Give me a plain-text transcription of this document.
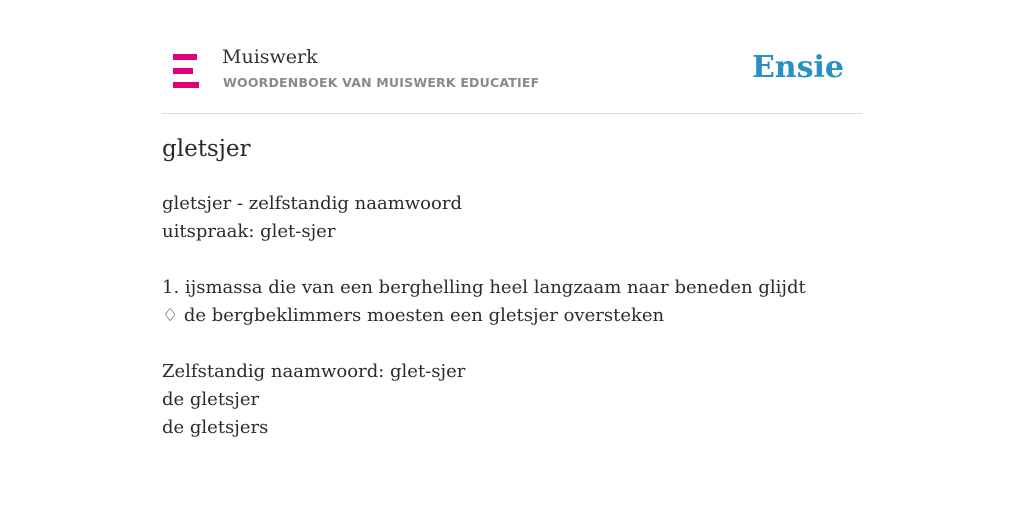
Muiswerk
WOORDENBOEK VAN MUISWERK EDUCATIEF	Ensie
gletsjer
gletsjer - zelfstandig naamwoord
uitspraak: glet-sjer
1. ijsmassa die van een berghelling heel langzaam naar beneden glijdt
♢ de bergbeklimmers moesten een gletsjer oversteken
Zelfstandig naamwoord: glet-sjer
de gletsjer
de gletsjers
